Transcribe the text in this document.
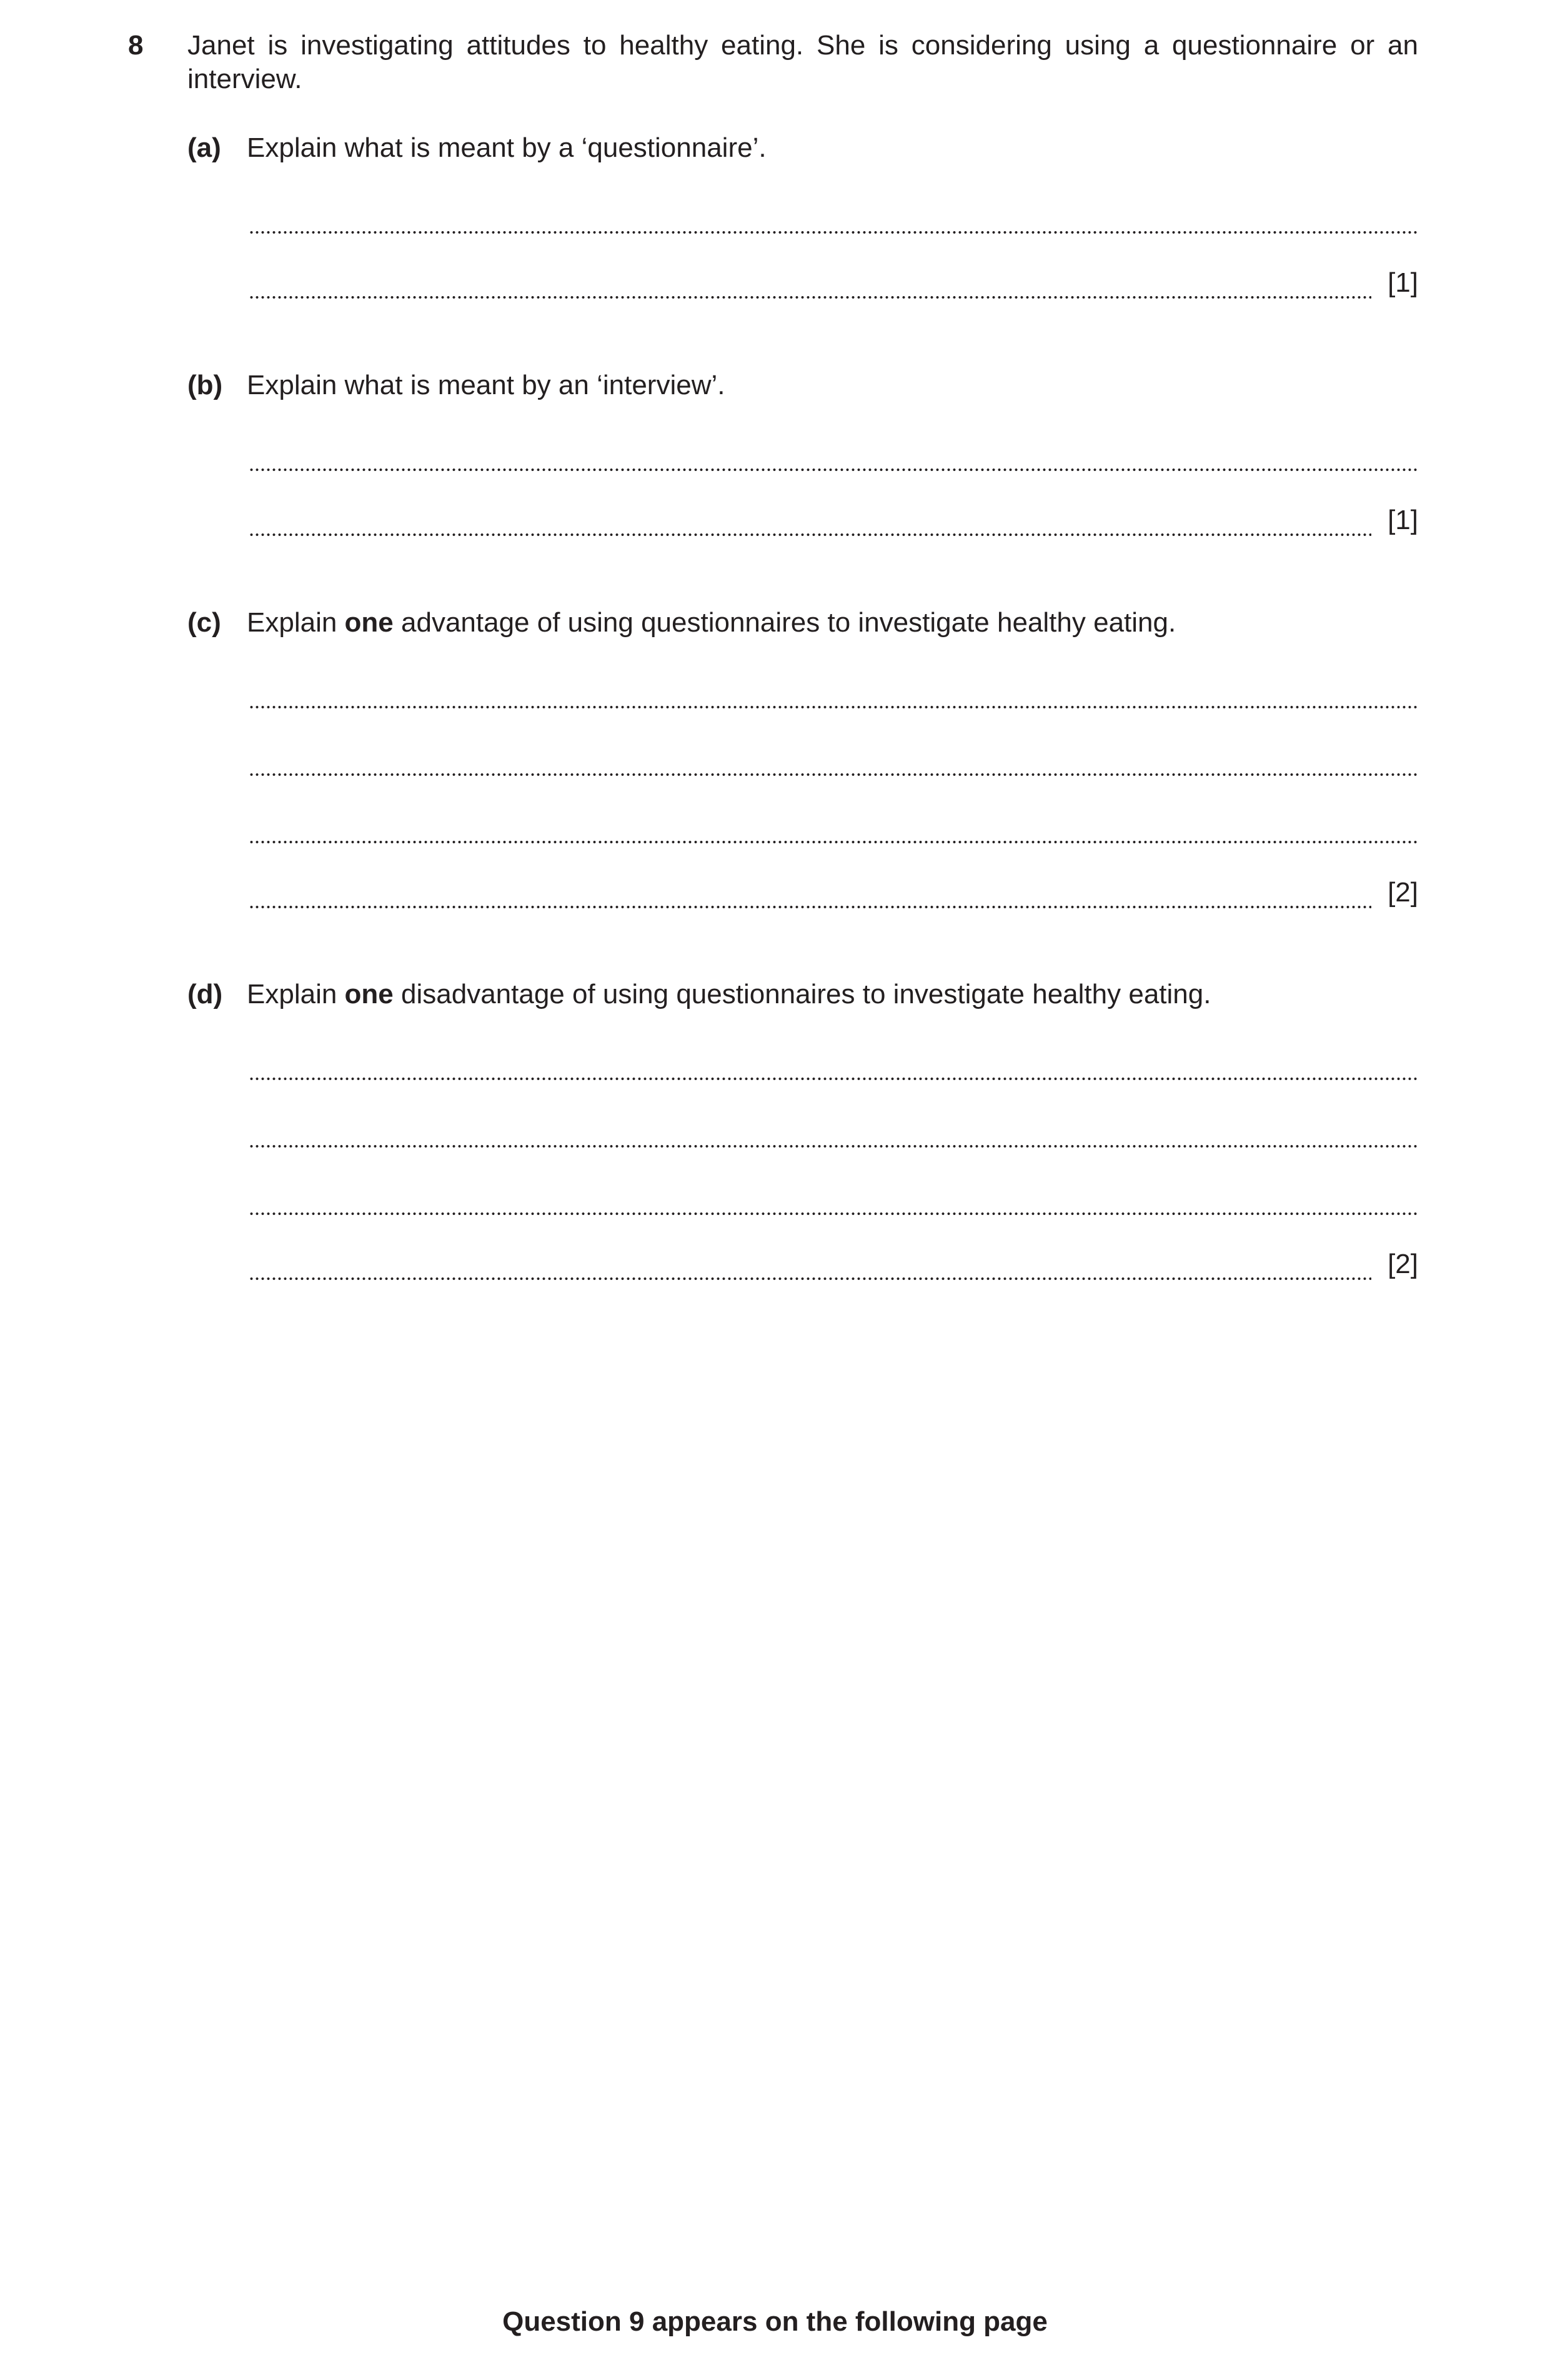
8 Janet is investigating attitudes to healthy eating. She is considering using a questionnaire or an interview.

(a) Explain what is meant by a ‘questionnaire’.
[1]
(b) Explain what is meant by an ‘interview’.
[1]
(c) Explain one advantage of using questionnaires to investigate healthy eating.
[2]
(d) Explain one disadvantage of using questionnaires to investigate healthy eating.
[2]
Question 9 appears on the following page
